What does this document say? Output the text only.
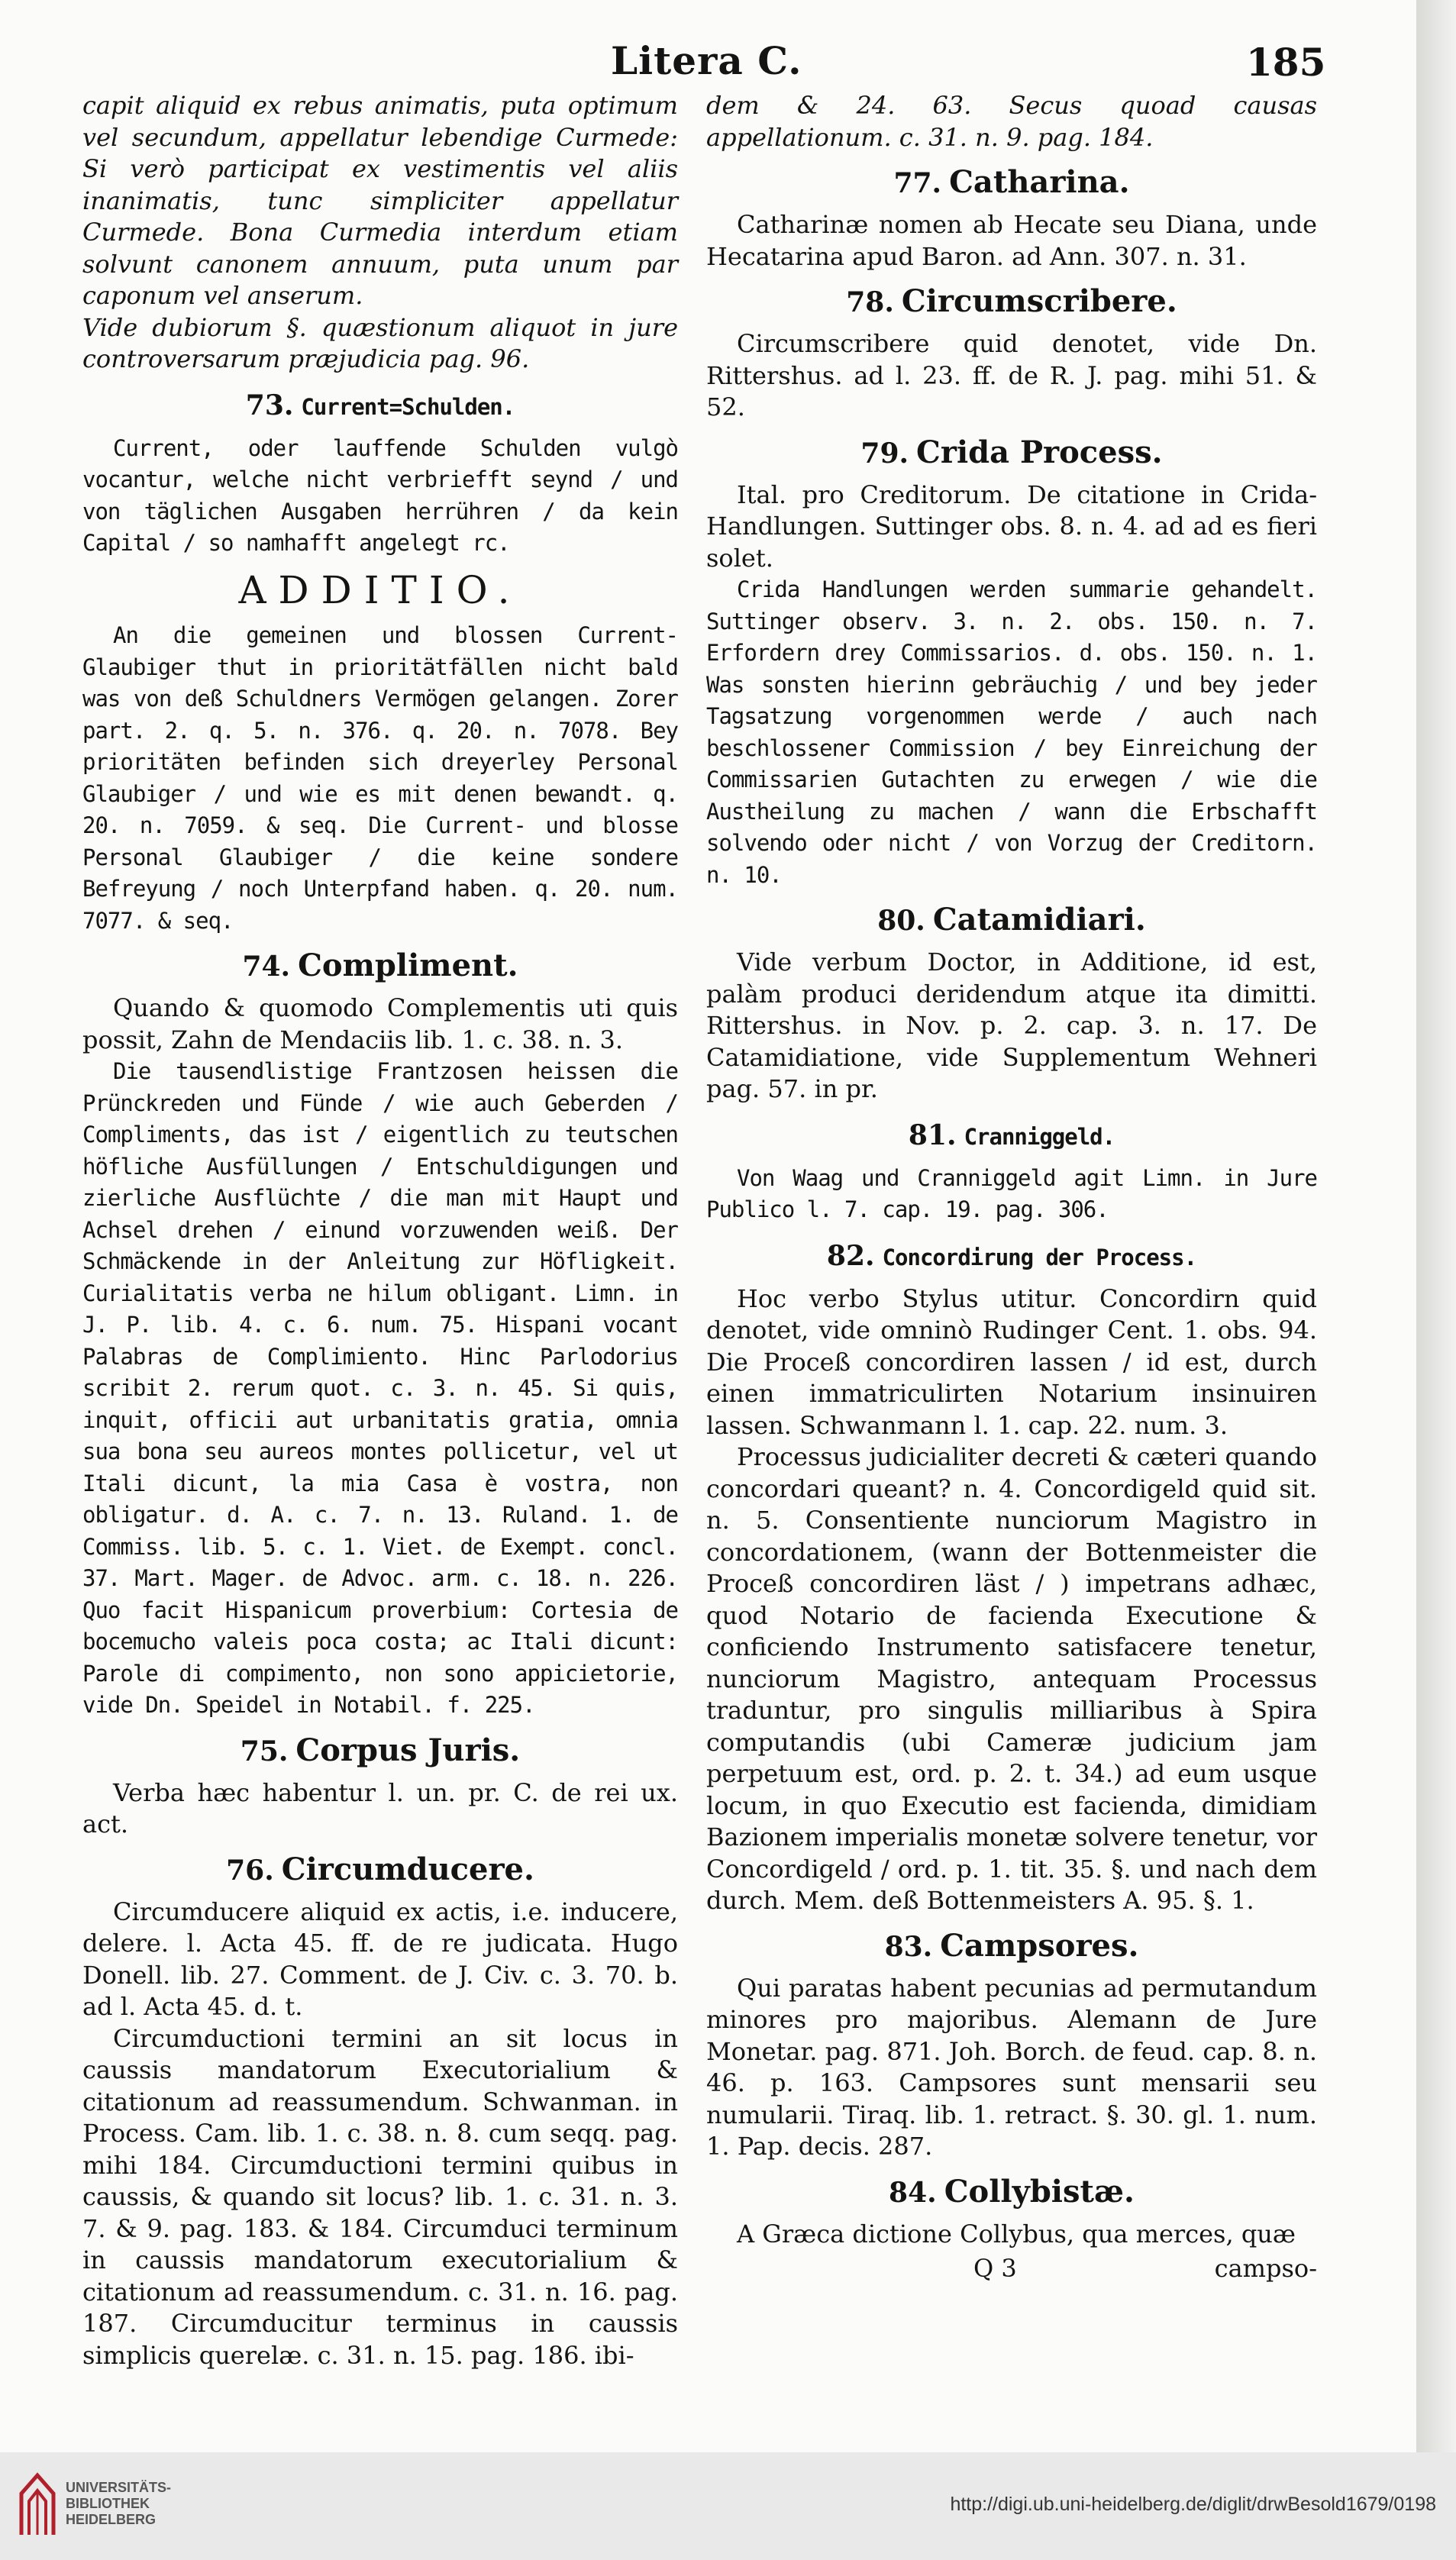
Litera C.	185

capit aliquid ex rebus animatis, puta optimum vel secundum, appellatur lebendige Curmede: Si verò participat ex vestimentis vel aliis inanimatis, tunc simpliciter appellatur Curmede. Bona Curmedia interdum etiam solvunt canonem annuum, puta unum par caponum vel anserum.

Vide dubiorum §. quæstionum aliquot in jure controversarum præjudicia pag. 96.

73. Current=Schulden.

Current, oder lauffende Schulden vulgò vocantur, welche nicht verbriefft seynd / und von täglichen Ausgaben herrühren / da kein Capital / so namhafft angelegt rc.

ADDITIO.

An die gemeinen und blossen Current-Glaubiger thut in prioritätfällen nicht bald was von deß Schuldners Vermögen gelangen. Zorer part. 2. q. 5. n. 376. q. 20. n. 7078. Bey prioritäten befinden sich dreyerley Personal Glaubiger / und wie es mit denen bewandt. q. 20. n. 7059. & seq. Die Current- und blosse Personal Glaubiger / die keine sondere Befreyung / noch Unterpfand haben. q. 20. num. 7077. & seq.

74. Compliment.

Quando & quomodo Complementis uti quis possit, Zahn de Mendaciis lib. 1. c. 38. n. 3.

Die tausendlistige Frantzosen heissen die Prünckreden und Fünde / wie auch Geberden / Compliments, das ist / eigentlich zu teutschen höfliche Ausfüllungen / Entschuldigungen und zierliche Ausflüchte / die man mit Haupt und Achsel drehen / einund vorzuwenden weiß. Der Schmäckende in der Anleitung zur Höfligkeit. Curialitatis verba ne hilum obligant. Limn. in J. P. lib. 4. c. 6. num. 75. Hispani vocant Palabras de Complimiento. Hinc Parlodorius scribit 2. rerum quot. c. 3. n. 45. Si quis, inquit, officii aut urbanitatis gratia, omnia sua bona seu aureos montes pollicetur, vel ut Itali dicunt, la mia Casa è vostra, non obligatur. d. A. c. 7. n. 13. Ruland. 1. de Commiss. lib. 5. c. 1. Viet. de Exempt. concl. 37. Mart. Mager. de Advoc. arm. c. 18. n. 226. Quo facit Hispanicum proverbium: Cortesia de bocemucho valeis poca costa; ac Itali dicunt: Parole di compimento, non sono appicietorie, vide Dn. Speidel in Notabil. f. 225.

75. Corpus Juris.

Verba hæc habentur l. un. pr. C. de rei ux. act.

76. Circumducere.

Circumducere aliquid ex actis, i.e. inducere, delere. l. Acta 45. ff. de re judicata. Hugo Donell. lib. 27. Comment. de J. Civ. c. 3. 70. b. ad l. Acta 45. d. t.

Circumductioni termini an sit locus in caussis mandatorum Executorialium & citationum ad reassumendum. Schwanman. in Process. Cam. lib. 1. c. 38. n. 8. cum seqq. pag. mihi 184. Circumductioni termini quibus in caussis, & quando sit locus? lib. 1. c. 31. n. 3. 7. & 9. pag. 183. & 184. Circumduci terminum in caussis mandatorum executorialium & citationum ad reassumendum. c. 31. n. 16. pag. 187. Circumducitur terminus in caussis simplicis querelæ. c. 31. n. 15. pag. 186. ibi-

dem & 24. 63. Secus quoad causas appellationum. c. 31. n. 9. pag. 184.

77. Catharina.

Catharinæ nomen ab Hecate seu Diana, unde Hecatarina apud Baron. ad Ann. 307. n. 31.

78. Circumscribere.

Circumscribere quid denotet, vide Dn. Rittershus. ad l. 23. ff. de R. J. pag. mihi 51. & 52.

79. Crida Process.

Ital. pro Creditorum. De citatione in Crida-Handlungen. Suttinger obs. 8. n. 4. ad ad es fieri solet.

Crida Handlungen werden summarie gehandelt. Suttinger observ. 3. n. 2. obs. 150. n. 7. Erfordern drey Commissarios. d. obs. 150. n. 1. Was sonsten hierinn gebräuchig / und bey jeder Tagsatzung vorgenommen werde / auch nach beschlossener Commission / bey Einreichung der Commissarien Gutachten zu erwegen / wie die Austheilung zu machen / wann die Erbschafft solvendo oder nicht / von Vorzug der Creditorn. n. 10.

80. Catamidiari.

Vide verbum Doctor, in Additione, id est, palàm produci deridendum atque ita dimitti. Rittershus. in Nov. p. 2. cap. 3. n. 17. De Catamidiatione, vide Supplementum Wehneri pag. 57. in pr.

81. Cranniggeld.

Von Waag und Cranniggeld agit Limn. in Jure Publico l. 7. cap. 19. pag. 306.

82. Concordirung der Process.

Hoc verbo Stylus utitur. Concordirn quid denotet, vide omninò Rudinger Cent. 1. obs. 94. Die Proceß concordiren lassen / id est, durch einen immatriculirten Notarium insinuiren lassen. Schwanmann l. 1. cap. 22. num. 3.

Processus judicialiter decreti & cæteri quando concordari queant? n. 4. Concordigeld quid sit. n. 5. Consentiente nunciorum Magistro in concordationem, (wann der Bottenmeister die Proceß concordiren läst / ) impetrans adhæc, quod Notario de facienda Executione & conficiendo Instrumento satisfacere tenetur, nunciorum Magistro, antequam Processus traduntur, pro singulis milliaribus à Spira computandis (ubi Cameræ judicium jam perpetuum est, ord. p. 2. t. 34.) ad eum usque locum, in quo Executio est facienda, dimidiam Bazionem imperialis monetæ solvere tenetur, vor Concordigeld / ord. p. 1. tit. 35. §. und nach dem durch. Mem. deß Bottenmeisters A. 95. §. 1.

83. Campsores.

Qui paratas habent pecunias ad permutandum minores pro majoribus. Alemann de Jure Monetar. pag. 871. Joh. Borch. de feud. cap. 8. n. 46. p. 163. Campsores sunt mensarii seu numularii. Tiraq. lib. 1. retract. §. 30. gl. 1. num. 1. Pap. decis. 287.

84. Collybistæ.

A Græca dictione Collybus, qua merces, quæ

Q 3	campso-
UNIVERSITÄTS-
BIBLIOTHEK
HEIDELBERG
http://digi.ub.uni-heidelberg.de/diglit/drwBesold1679/0198
